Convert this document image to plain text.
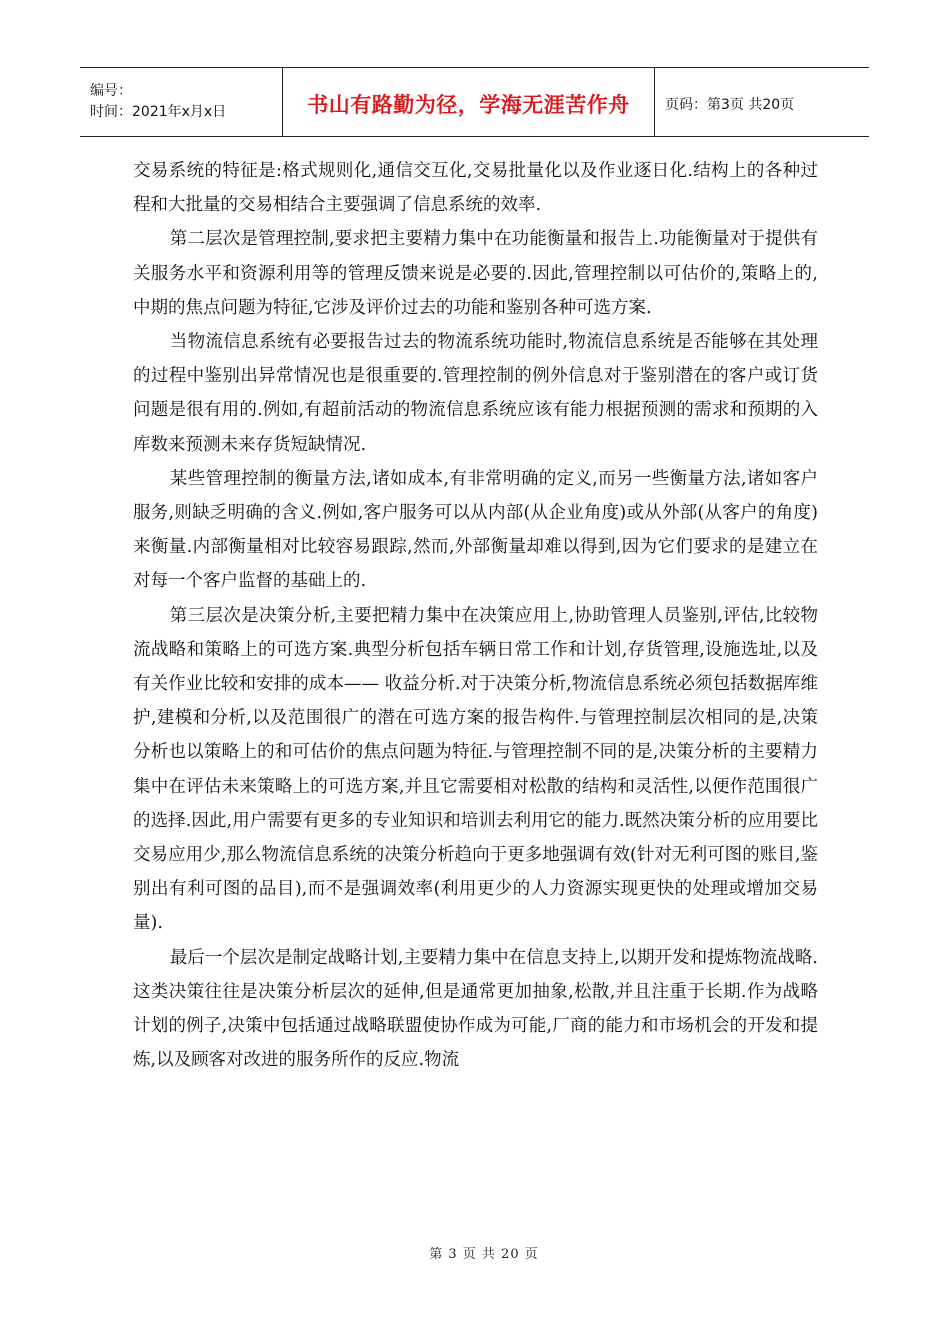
编号：
时间：2021年x月x日	书山有路勤为径，学海无涯苦作舟	页码：第3页 共20页

交易系统的特征是:格式规则化,通信交互化,交易批量化以及作业逐日化.结构上的各种过程和大批量的交易相结合主要强调了信息系统的效率.

第二层次是管理控制,要求把主要精力集中在功能衡量和报告上.功能衡量对于提供有关服务水平和资源利用等的管理反馈来说是必要的.因此,管理控制以可估价的,策略上的,中期的焦点问题为特征,它涉及评价过去的功能和鉴别各种可选方案.

当物流信息系统有必要报告过去的物流系统功能时,物流信息系统是否能够在其处理的过程中鉴别出异常情况也是很重要的.管理控制的例外信息对于鉴别潜在的客户或订货问题是很有用的.例如,有超前活动的物流信息系统应该有能力根据预测的需求和预期的入库数来预测未来存货短缺情况.

某些管理控制的衡量方法,诸如成本,有非常明确的定义,而另一些衡量方法,诸如客户服务,则缺乏明确的含义.例如,客户服务可以从内部(从企业角度)或从外部(从客户的角度)来衡量.内部衡量相对比较容易跟踪,然而,外部衡量却难以得到,因为它们要求的是建立在对每一个客户监督的基础上的.

第三层次是决策分析,主要把精力集中在决策应用上,协助管理人员鉴别,评估,比较物流战略和策略上的可选方案.典型分析包括车辆日常工作和计划,存货管理,设施选址,以及有关作业比较和安排的成本—— 收益分析.对于决策分析,物流信息系统必须包括数据库维护,建模和分析,以及范围很广的潜在可选方案的报告构件.与管理控制层次相同的是,决策分析也以策略上的和可估价的焦点问题为特征.与管理控制不同的是,决策分析的主要精力集中在评估未来策略上的可选方案,并且它需要相对松散的结构和灵活性,以便作范围很广的选择.因此,用户需要有更多的专业知识和培训去利用它的能力.既然决策分析的应用要比交易应用少,那么物流信息系统的决策分析趋向于更多地强调有效(针对无利可图的账目,鉴别出有利可图的品目),而不是强调效率(利用更少的人力资源实现更快的处理或增加交易量).

最后一个层次是制定战略计划,主要精力集中在信息支持上,以期开发和提炼物流战略.这类决策往往是决策分析层次的延伸,但是通常更加抽象,松散,并且注重于长期.作为战略计划的例子,决策中包括通过战略联盟使协作成为可能,厂商的能力和市场机会的开发和提炼,以及顾客对改进的服务所作的反应.物流

第 3 页 共 20 页
